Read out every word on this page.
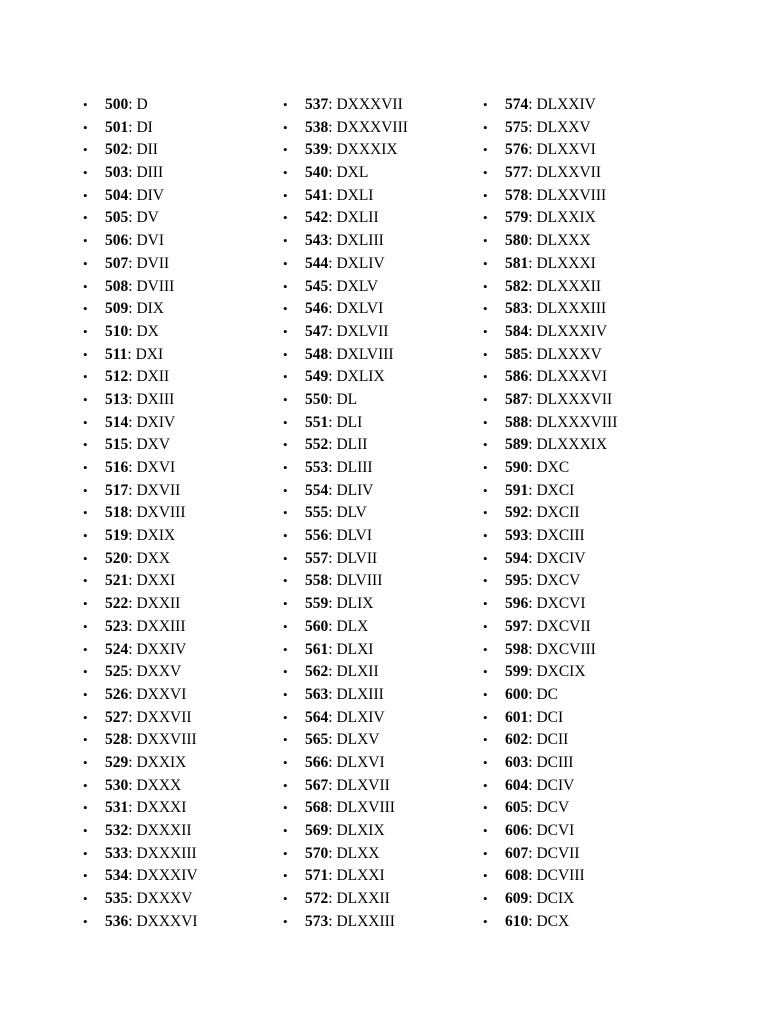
• 500: D
• 501: DI
• 502: DII
• 503: DIII
• 504: DIV
• 505: DV
• 506: DVI
• 507: DVII
• 508: DVIII
• 509: DIX
• 510: DX
• 511: DXI
• 512: DXII
• 513: DXIII
• 514: DXIV
• 515: DXV
• 516: DXVI
• 517: DXVII
• 518: DXVIII
• 519: DXIX
• 520: DXX
• 521: DXXI
• 522: DXXII
• 523: DXXIII
• 524: DXXIV
• 525: DXXV
• 526: DXXVI
• 527: DXXVII
• 528: DXXVIII
• 529: DXXIX
• 530: DXXX
• 531: DXXXI
• 532: DXXXII
• 533: DXXXIII
• 534: DXXXIV
• 535: DXXXV
• 536: DXXXVI
• 537: DXXXVII
• 538: DXXXVIII
• 539: DXXXIX
• 540: DXL
• 541: DXLI
• 542: DXLII
• 543: DXLIII
• 544: DXLIV
• 545: DXLV
• 546: DXLVI
• 547: DXLVII
• 548: DXLVIII
• 549: DXLIX
• 550: DL
• 551: DLI
• 552: DLII
• 553: DLIII
• 554: DLIV
• 555: DLV
• 556: DLVI
• 557: DLVII
• 558: DLVIII
• 559: DLIX
• 560: DLX
• 561: DLXI
• 562: DLXII
• 563: DLXIII
• 564: DLXIV
• 565: DLXV
• 566: DLXVI
• 567: DLXVII
• 568: DLXVIII
• 569: DLXIX
• 570: DLXX
• 571: DLXXI
• 572: DLXXII
• 573: DLXXIII
• 574: DLXXIV
• 575: DLXXV
• 576: DLXXVI
• 577: DLXXVII
• 578: DLXXVIII
• 579: DLXXIX
• 580: DLXXX
• 581: DLXXXI
• 582: DLXXXII
• 583: DLXXXIII
• 584: DLXXXIV
• 585: DLXXXV
• 586: DLXXXVI
• 587: DLXXXVII
• 588: DLXXXVIII
• 589: DLXXXIX
• 590: DXC
• 591: DXCI
• 592: DXCII
• 593: DXCIII
• 594: DXCIV
• 595: DXCV
• 596: DXCVI
• 597: DXCVII
• 598: DXCVIII
• 599: DXCIX
• 600: DC
• 601: DCI
• 602: DCII
• 603: DCIII
• 604: DCIV
• 605: DCV
• 606: DCVI
• 607: DCVII
• 608: DCVIII
• 609: DCIX
• 610: DCX
